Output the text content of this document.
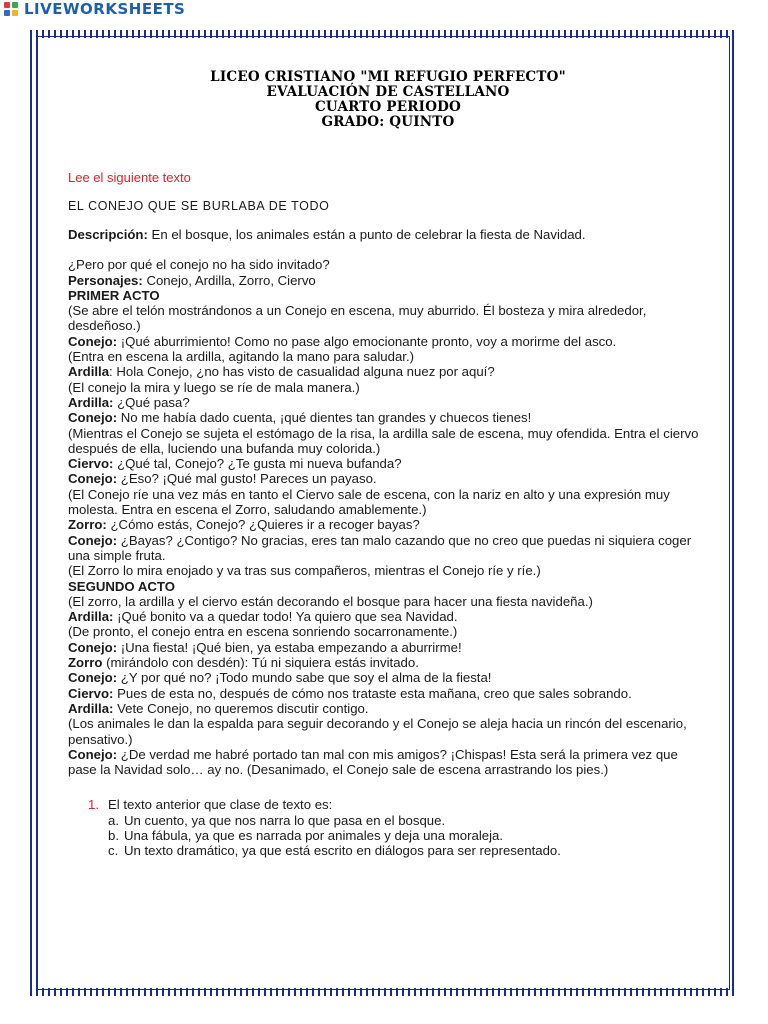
LIVEWORKSHEETS
LICEO CRISTIANO "MI REFUGIO PERFECTO"
EVALUACIÓN DE CASTELLANO
CUARTO PERIODO
GRADO: QUINTO
Lee el siguiente texto
EL CONEJO QUE SE BURLABA DE TODO

Descripción: En el bosque, los animales están a punto de celebrar la fiesta de Navidad.

¿Pero por qué el conejo no ha sido invitado?

Personajes: Conejo, Ardilla, Zorro, Ciervo

PRIMER ACTO

(Se abre el telón mostrándonos a un Conejo en escena, muy aburrido. Él bosteza y mira alrededor, desdeñoso.)

Conejo: ¡Qué aburrimiento! Como no pase algo emocionante pronto, voy a morirme del asco.

(Entra en escena la ardilla, agitando la mano para saludar.)

Ardilla: Hola Conejo, ¿no has visto de casualidad alguna nuez por aquí?

(El conejo la mira y luego se ríe de mala manera.)

Ardilla: ¿Qué pasa?

Conejo: No me había dado cuenta, ¡qué dientes tan grandes y chuecos tienes!

(Mientras el Conejo se sujeta el estómago de la risa, la ardilla sale de escena, muy ofendida. Entra el ciervo después de ella, luciendo una bufanda muy colorida.)

Ciervo: ¿Qué tal, Conejo? ¿Te gusta mi nueva bufanda?

Conejo: ¿Eso? ¡Qué mal gusto! Pareces un payaso.

(El Conejo ríe una vez más en tanto el Ciervo sale de escena, con la nariz en alto y una expresión muy molesta. Entra en escena el Zorro, saludando amablemente.)

Zorro: ¿Cómo estás, Conejo? ¿Quieres ir a recoger bayas?

Conejo: ¿Bayas? ¿Contigo? No gracias, eres tan malo cazando que no creo que puedas ni siquiera coger una simple fruta.

(El Zorro lo mira enojado y va tras sus compañeros, mientras el Conejo ríe y ríe.)

SEGUNDO ACTO

(El zorro, la ardilla y el ciervo están decorando el bosque para hacer una fiesta navideña.)

Ardilla: ¡Qué bonito va a quedar todo! Ya quiero que sea Navidad.

(De pronto, el conejo entra en escena sonriendo socarronamente.)

Conejo: ¡Una fiesta! ¡Qué bien, ya estaba empezando a aburrirme!

Zorro (mirándolo con desdén): Tú ni siquiera estás invitado.

Conejo: ¿Y por qué no? ¡Todo mundo sabe que soy el alma de la fiesta!

Ciervo: Pues de esta no, después de cómo nos trataste esta mañana, creo que sales sobrando.

Ardilla: Vete Conejo, no queremos discutir contigo.

(Los animales le dan la espalda para seguir decorando y el Conejo se aleja hacia un rincón del escenario, pensativo.)

Conejo: ¿De verdad me habré portado tan mal con mis amigos? ¡Chispas! Esta será la primera vez que pase la Navidad solo… ay no. (Desanimado, el Conejo sale de escena arrastrando los pies.)

1. El texto anterior que clase de texto es:
a. Un cuento, ya que nos narra lo que pasa en el bosque.
b. Una fábula, ya que es narrada por animales y deja una moraleja.
c. Un texto dramático, ya que está escrito en diálogos para ser representado.
